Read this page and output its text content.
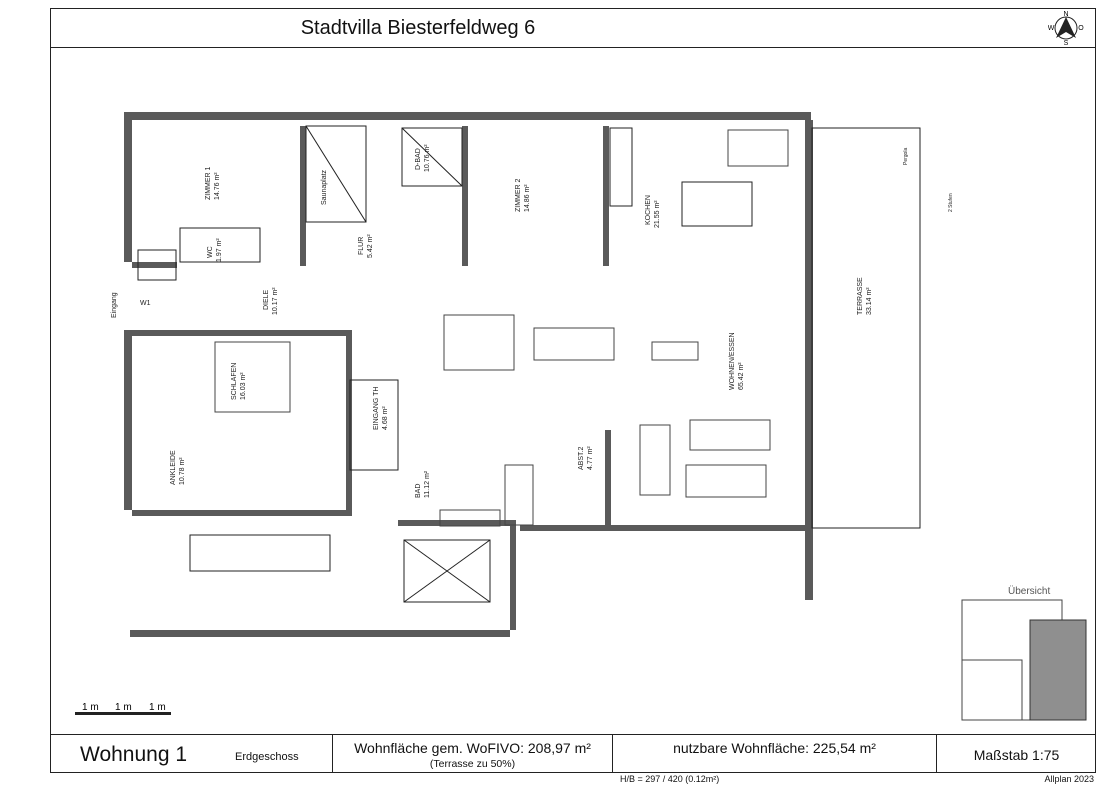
Stadtvilla Biesterfeldweg 6
N
O
S
W
ZIMMER 1 14.76 m²
WC 1.97 m²
Saunaplatz
D-BAD 10.76 m²
FLUR 5.42 m²
ZIMMER 2 14.86 m²	KOCHEN 21.55 m²
TERRASSE 33.14 m²
DIELE 10.17 m²
SCHLAFEN 16.03 m²	WOHNEN/ESSEN 65.42 m²
EINGANG TH 4.68 m²
ANKLEIDE 10.78 m²
BAD 11.12 m²
ABST.2 4.77 m²
Eingang	W1
Pergola
2 Stufen
Übersicht
1 m 1 m 1 m
Wohnung 1	Erdgeschoss
Wohnfläche gem. WoFIVO: 208,97 m²
(Terrasse zu 50%)
nutzbare Wohnfläche: 225,54 m²	Maßstab 1:75
H/B = 297 / 420 (0.12m²)	Allplan 2023
